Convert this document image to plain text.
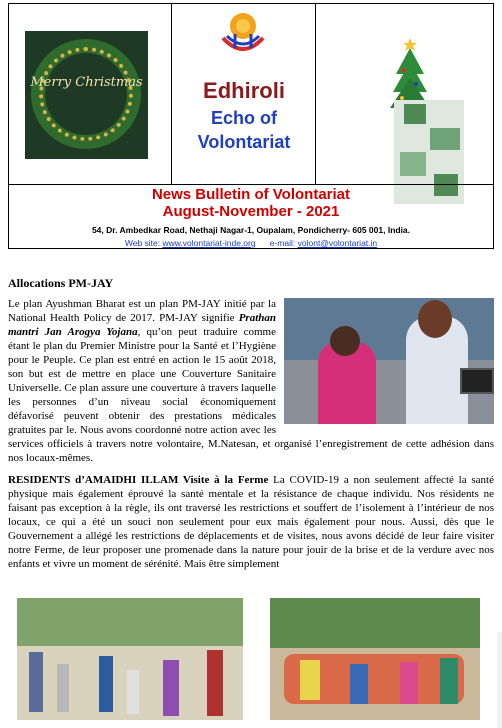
Merry Christmas	Edhiroli
Echo of
Volontariat
News Bulletin of Volontariat
August-November - 2021
54, Dr. Ambedkar Road, Nethaji Nagar-1, Oupalam, Pondicherry- 605 001, India.
Web site: www.volontariat-inde.org e-mail: volont@volontariat.in
Allocations PM-JAY
Le plan Ayushman Bharat est un plan PM-JAY initié par la National Health Policy de 2017. PM-JAY signifie Prathan mantri Jan Arogya Yojana, qu’on peut traduire comme étant le plan du Premier Ministre pour la Santé et l’Hygiène pour le Peuple. Ce plan est entré en action le 15 août 2018, son but est de mettre en place une Couverture Sanitaire Universelle. Ce plan assure une couverture à travers laquelle les personnes d’un niveau social économiquement défavorisé peuvent obtenir des prestations médicales gratuites par le. Nous avons coordonné notre action avec les services officiels à travers notre volontaire, M.Natesan, et organisé l’enregistrement de cette adhésion dans nos locaux-mêmes.
RESIDENTS d’AMAIDHI ILLAM Visite à la Ferme La COVID-19 a non seulement affecté la santé physique mais également éprouvé la santé mentale et la résistance de chaque individu. Nos résidents ne faisant pas exception à la règle, ils ont traversé les restrictions et souffert de l’isolement à l’intérieur de nos locaux, ce qui a été un souci non seulement pour eux mais également pour nous. Aussi, dès que le Gouvernement a allégé les restrictions de déplacements et de visites, nous avons décidé de leur faire visiter notre Ferme, de leur proposer une promenade dans la nature pour jouir de la brise et de la verdure avec nos enfants et vivre un moment de sérénité. Mais être simplement
